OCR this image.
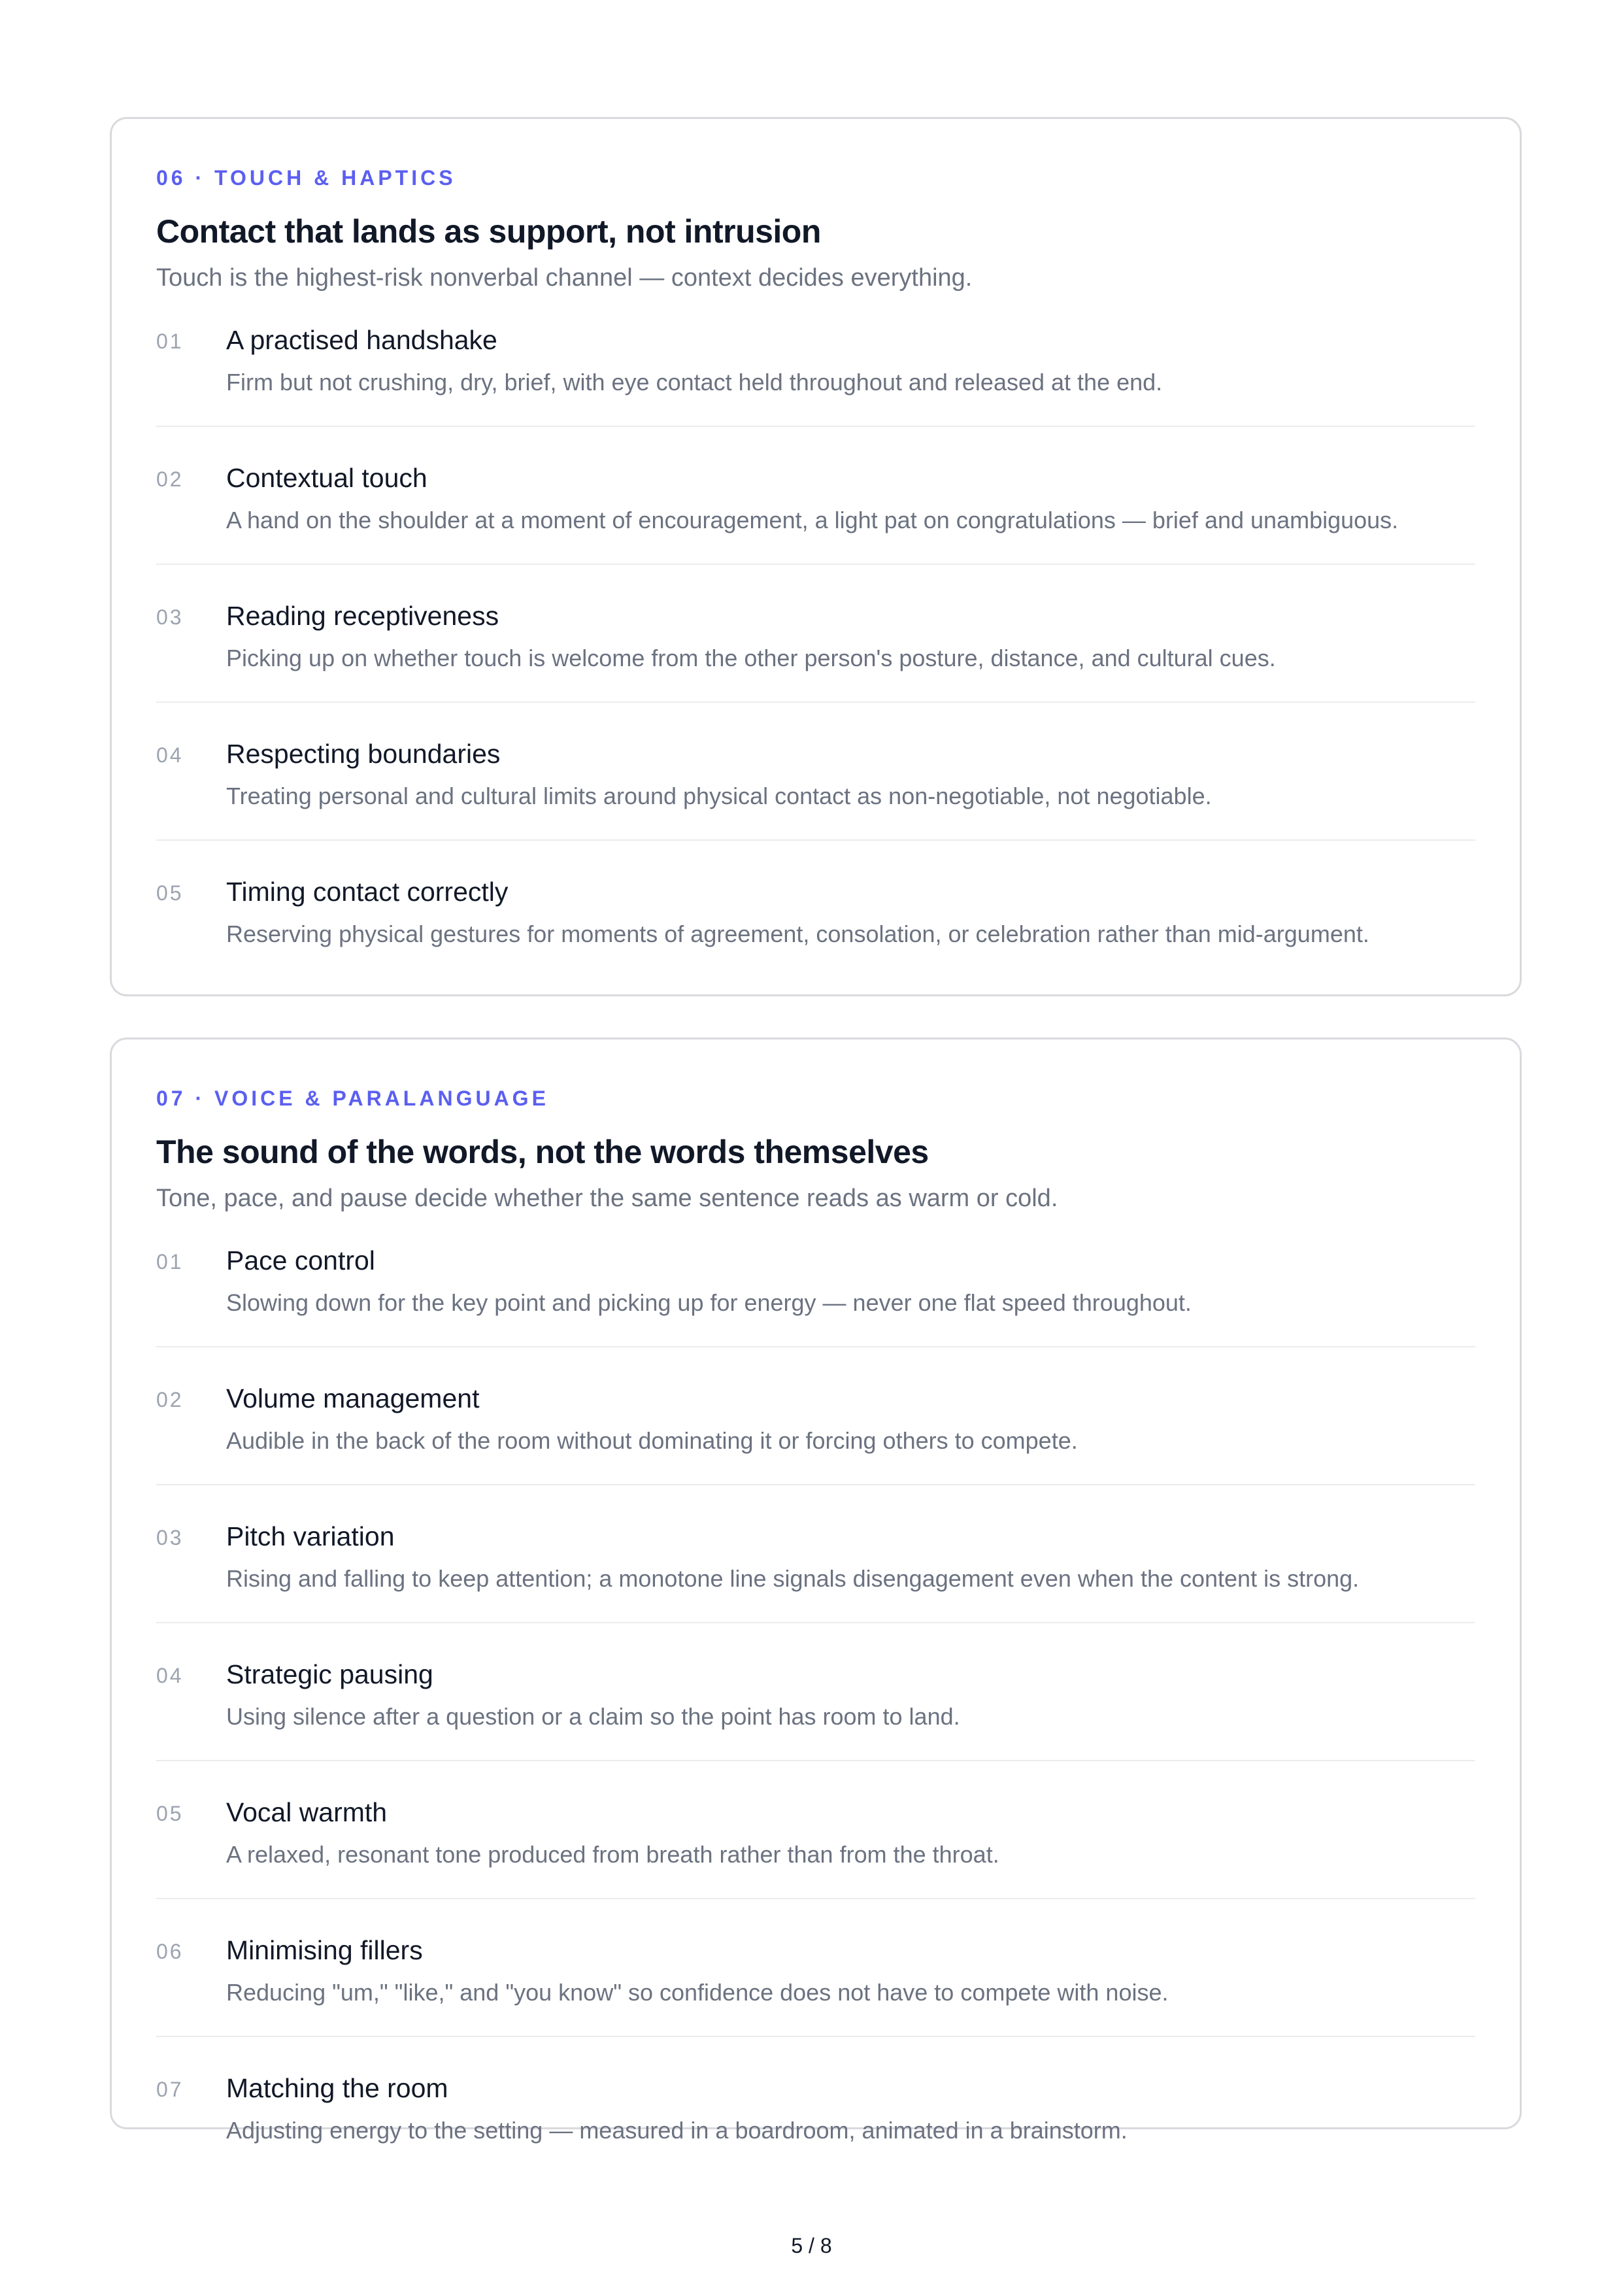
06 · TOUCH & HAPTICS

Contact that lands as support, not intrusion

Touch is the highest-risk nonverbal channel — context decides everything.

01 A practised handshake

Firm but not crushing, dry, brief, with eye contact held throughout and released at the end.

02 Contextual touch

A hand on the shoulder at a moment of encouragement, a light pat on congratulations — brief and unambiguous.

03 Reading receptiveness

Picking up on whether touch is welcome from the other person's posture, distance, and cultural cues.

04 Respecting boundaries

Treating personal and cultural limits around physical contact as non-negotiable, not negotiable.

05 Timing contact correctly

Reserving physical gestures for moments of agreement, consolation, or celebration rather than mid-argument.

07 · VOICE & PARALANGUAGE

The sound of the words, not the words themselves

Tone, pace, and pause decide whether the same sentence reads as warm or cold.

01 Pace control

Slowing down for the key point and picking up for energy — never one flat speed throughout.

02 Volume management

Audible in the back of the room without dominating it or forcing others to compete.

03 Pitch variation

Rising and falling to keep attention; a monotone line signals disengagement even when the content is strong.

04 Strategic pausing

Using silence after a question or a claim so the point has room to land.

05 Vocal warmth

A relaxed, resonant tone produced from breath rather than from the throat.

06 Minimising fillers

Reducing "um," "like," and "you know" so confidence does not have to compete with noise.

07 Matching the room

Adjusting energy to the setting — measured in a boardroom, animated in a brainstorm.

5 / 8
